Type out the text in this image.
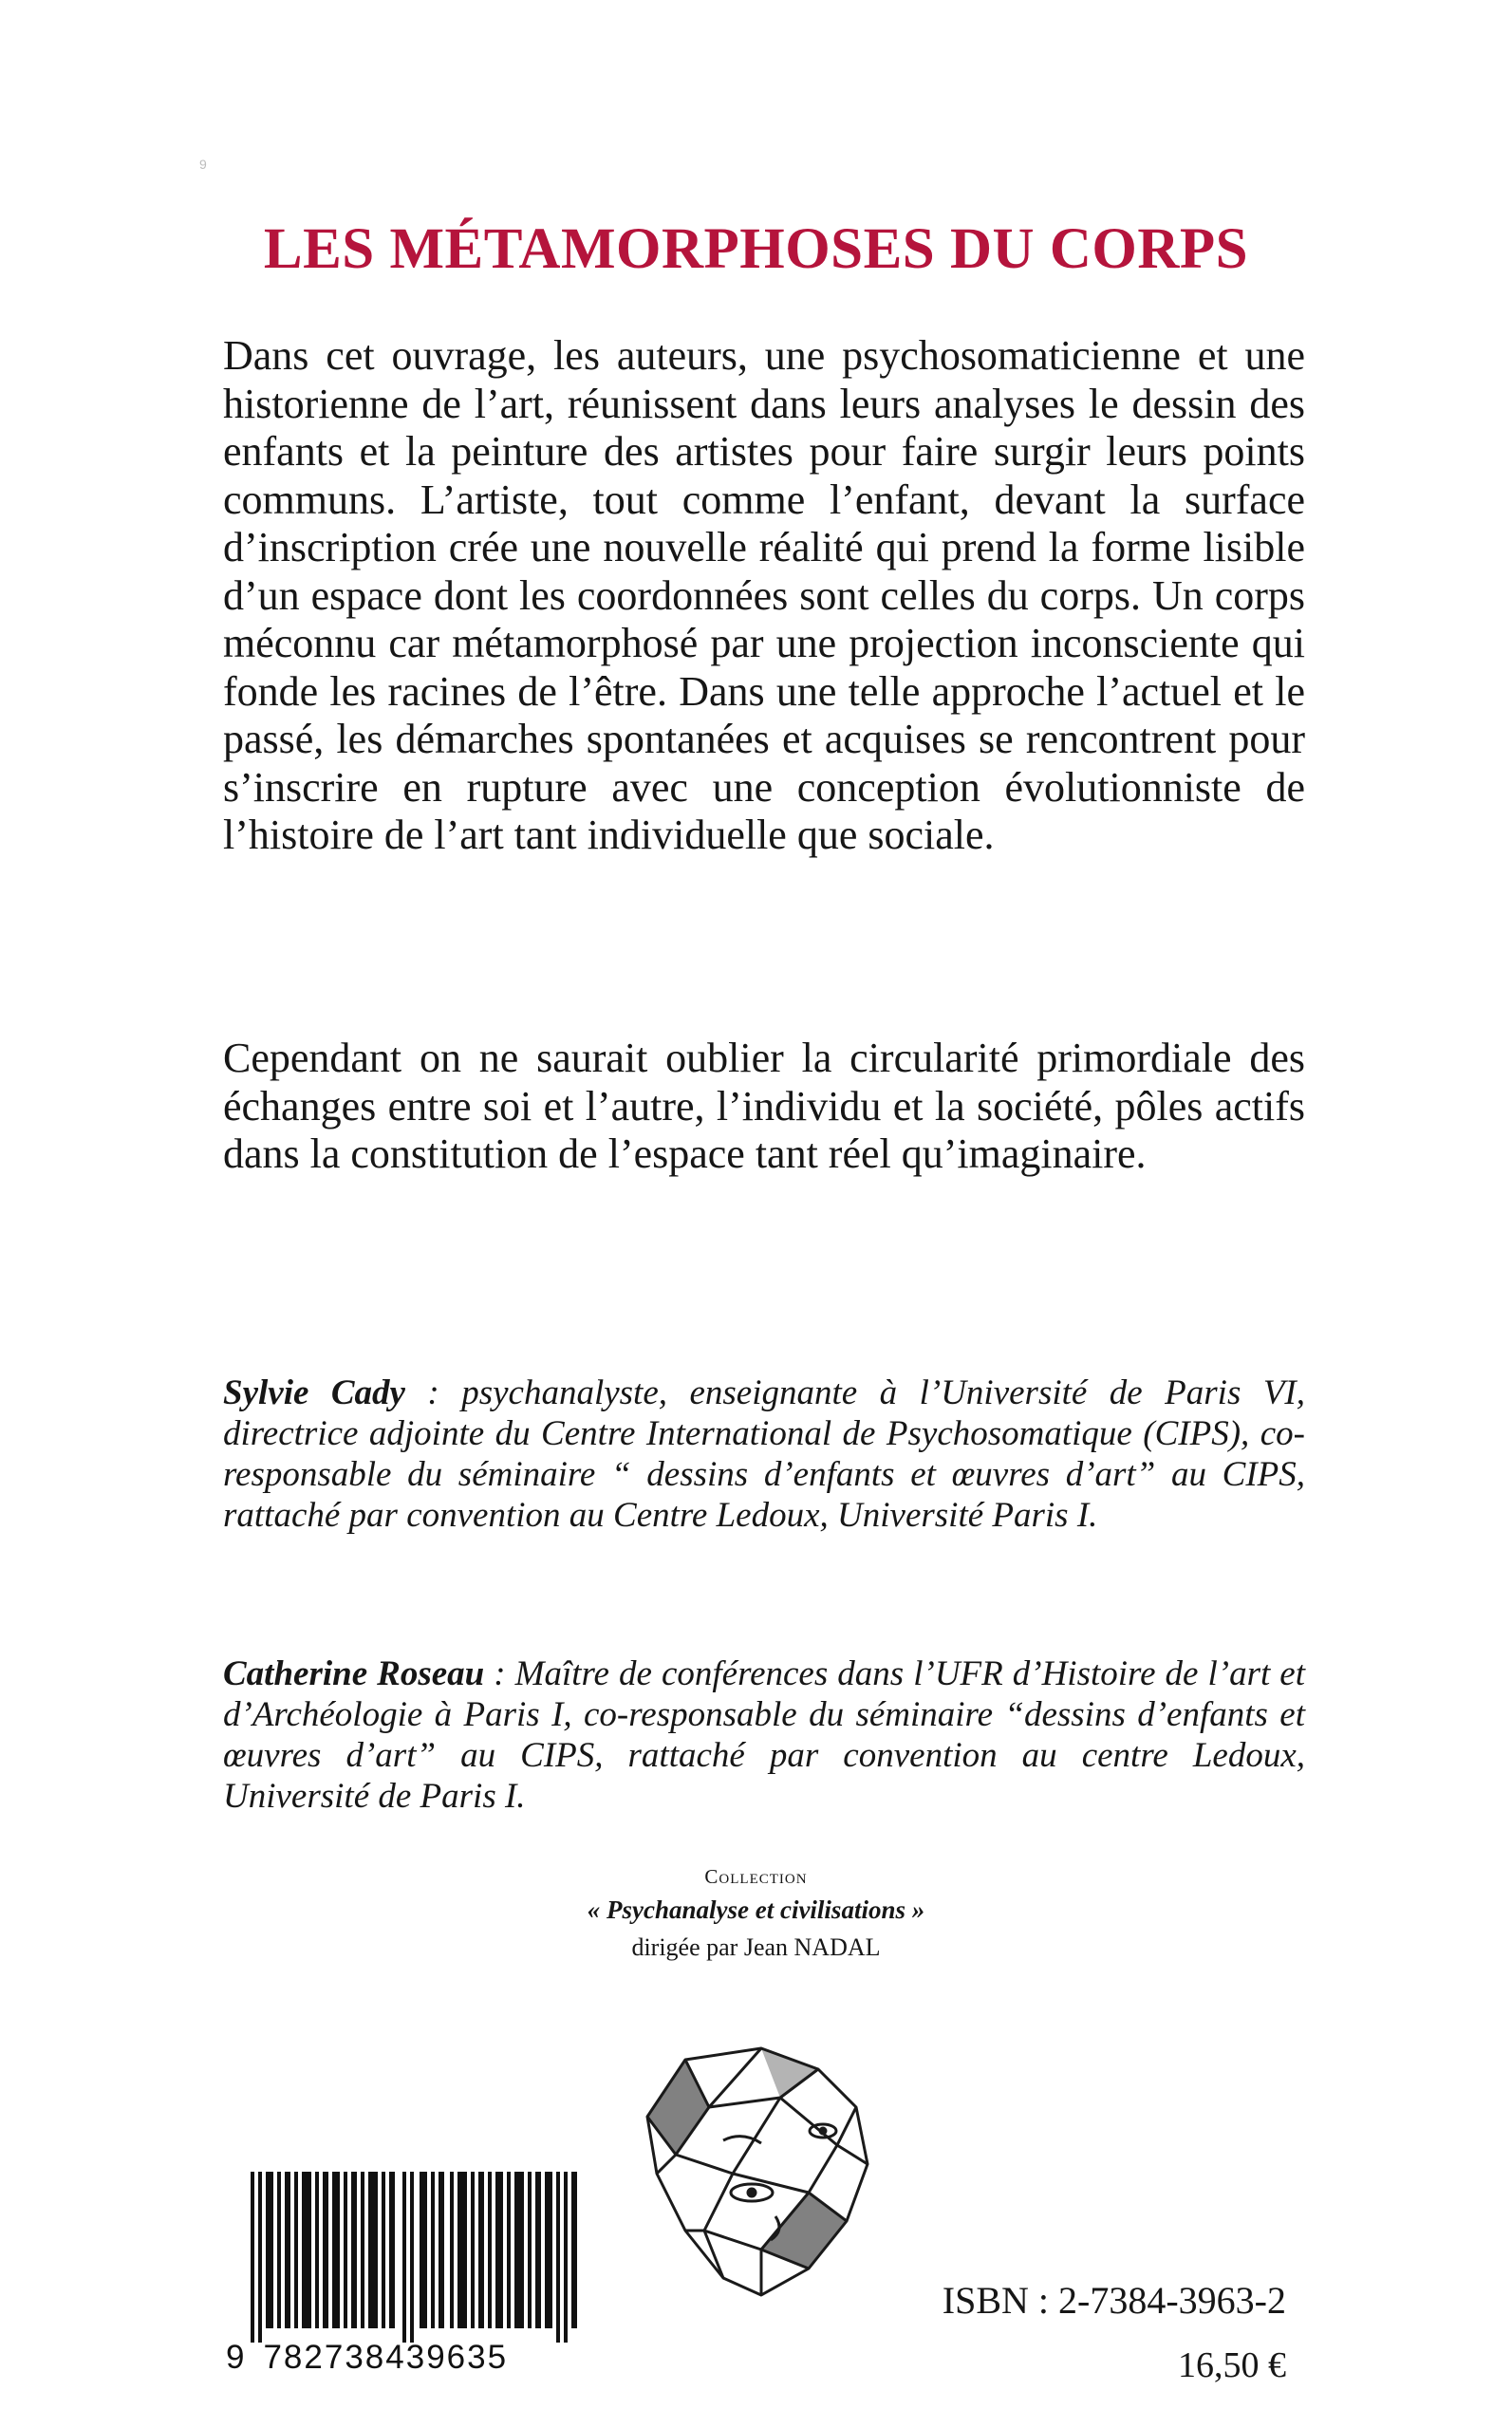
9
LES MÉTAMORPHOSES DU CORPS
Dans cet ouvrage, les auteurs, une psychosomaticienne et une historienne de l’art, réunissent dans leurs analyses le dessin des enfants et la peinture des artistes pour faire surgir leurs points communs. L’artiste, tout comme l’enfant, devant la surface d’inscription crée une nouvelle réalité qui prend la forme lisible d’un espace dont les coordonnées sont celles du corps. Un corps méconnu car métamorphosé par une projection inconsciente qui fonde les racines de l’être. Dans une telle approche l’actuel et le passé, les démarches spontanées et acquises se rencontrent pour s’inscrire en rupture avec une conception évolutionniste de l’histoire de l’art tant individuelle que sociale.
Cependant on ne saurait oublier la circularité primordiale des échanges entre soi et l’autre, l’individu et la société, pôles actifs dans la constitution de l’espace tant réel qu’imaginaire.
Sylvie Cady : psychanalyste, enseignante à l’Université de Paris VI, directrice adjointe du Centre International de Psychosomatique (CIPS), co-responsable du séminaire “ dessins d’enfants et œuvres d’art” au CIPS, rattaché par convention au Centre Ledoux, Université Paris I.
Catherine Roseau : Maître de conférences dans l’UFR d’Histoire de l’art et d’Archéologie à Paris I, co-responsable du séminaire “dessins d’enfants et œuvres d’art” au CIPS, rattaché par convention au centre Ledoux, Université de Paris I.
Collection
« Psychanalyse et civilisations »
dirigée par Jean NADAL
9 782738439635
ISBN : 2-7384-3963-2
16,50 €
